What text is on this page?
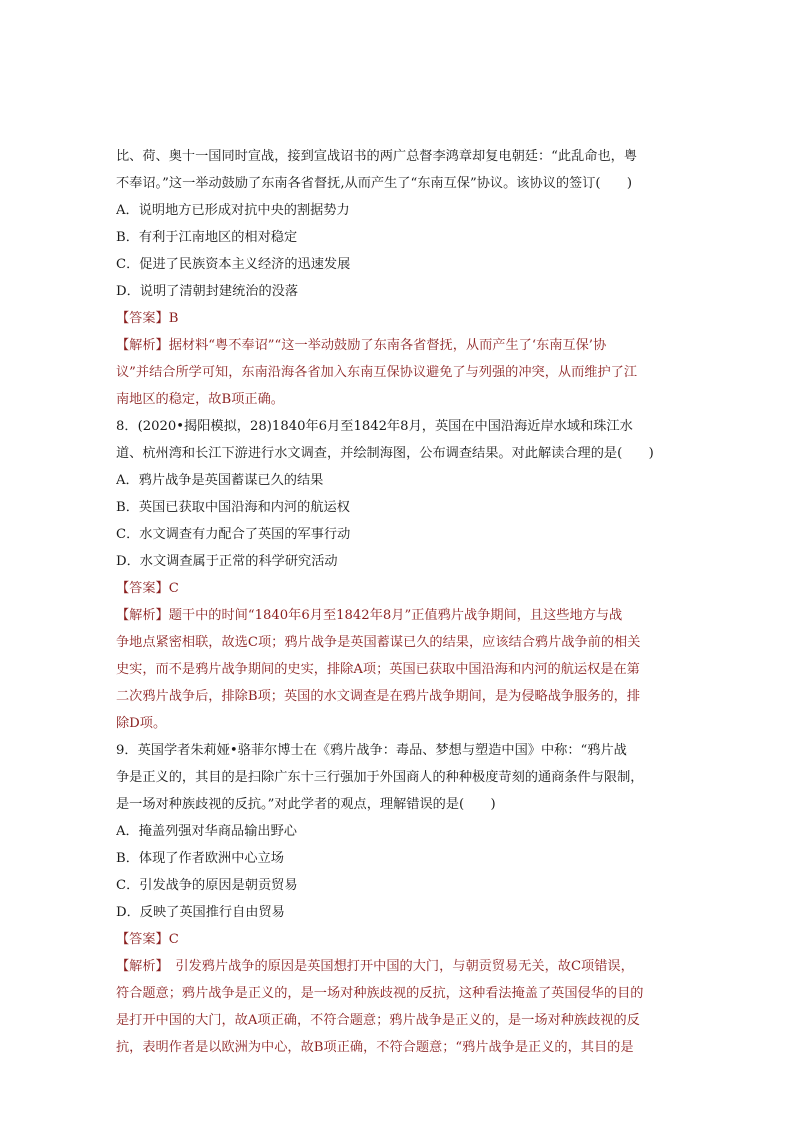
比、荷、奥十一国同时宣战，接到宣战诏书的两广总督李鸿章却复电朝廷：“此乱命也，粤
不奉诏。”这一举动鼓励了东南各省督抚,从而产生了“东南互保”协议。该协议的签订(　　)
A．说明地方已形成对抗中央的割据势力
B．有利于江南地区的相对稳定
C．促进了民族资本主义经济的迅速发展
D．说明了清朝封建统治的没落
【答案】B
【解析】据材料“粤不奉诏”“这一举动鼓励了东南各省督抚，从而产生了‘东南互保’协
议”并结合所学可知，东南沿海各省加入东南互保协议避免了与列强的冲突，从而维护了江
南地区的稳定，故B项正确。
8．(2020•揭阳模拟，28)1840年6月至1842年8月，英国在中国沿海近岸水域和珠江水
道、杭州湾和长江下游进行水文调查，并绘制海图，公布调查结果。对此解读合理的是(　　)
A．鸦片战争是英国蓄谋已久的结果
B．英国已获取中国沿海和内河的航运权
C．水文调查有力配合了英国的军事行动
D．水文调查属于正常的科学研究活动
【答案】C
【解析】题干中的时间“1840年6月至1842年8月”正值鸦片战争期间，且这些地方与战
争地点紧密相联，故选C项；鸦片战争是英国蓄谋已久的结果，应该结合鸦片战争前的相关
史实，而不是鸦片战争期间的史实，排除A项；英国已获取中国沿海和内河的航运权是在第
二次鸦片战争后，排除B项；英国的水文调查是在鸦片战争期间，是为侵略战争服务的，排
除D项。
9．英国学者朱莉娅•骆菲尔博士在《鸦片战争：毒品、梦想与塑造中国》中称：“鸦片战
争是正义的，其目的是扫除广东十三行强加于外国商人的种种极度苛刻的通商条件与限制，
是一场对种族歧视的反抗。”对此学者的观点，理解错误的是(　　)
A．掩盖列强对华商品输出野心
B．体现了作者欧洲中心立场
C．引发战争的原因是朝贡贸易
D．反映了英国推行自由贸易
【答案】C
【解析】　引发鸦片战争的原因是英国想打开中国的大门，与朝贡贸易无关，故C项错误，
符合题意；鸦片战争是正义的，是一场对种族歧视的反抗，这种看法掩盖了英国侵华的目的
是打开中国的大门，故A项正确，不符合题意；鸦片战争是正义的，是一场对种族歧视的反
抗，表明作者是以欧洲为中心，故B项正确，不符合题意；“鸦片战争是正义的，其目的是
